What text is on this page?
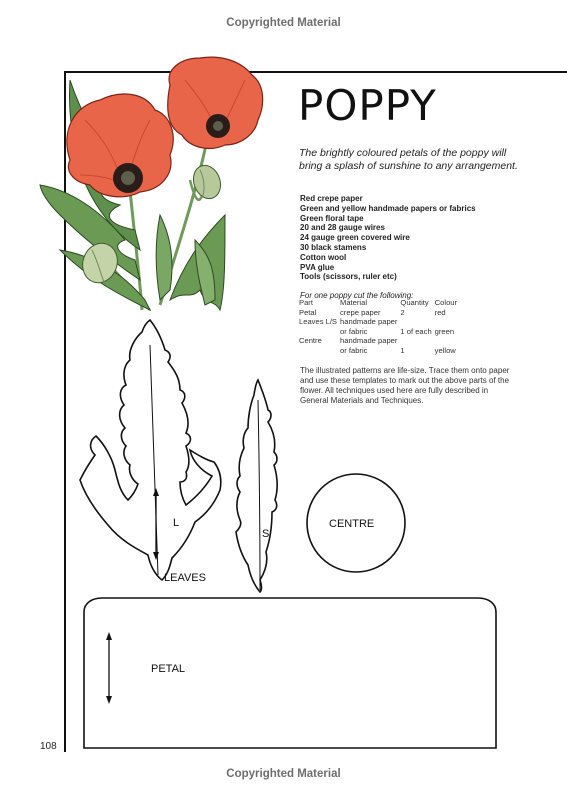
Copyrighted Material
POPPY
The brightly coloured petals of the poppy will bring a splash of sunshine to any arrangement.
Red crepe paper
Green and yellow handmade papers or fabrics
Green floral tape
20 and 28 gauge wires
24 gauge green covered wire
30 black stamens
Cotton wool
PVA glue
Tools (scissors, ruler etc)
For one poppy cut the following:
Part	Material	Quantity	Colour
Petal	crepe paper	2	red
Leaves L/S	handmade paper		
	or fabric	1 of each	green
Centre	handmade paper		
	or fabric	1	yellow
The illustrated patterns are life-size. Trace them onto paper and use these templates to mark out the above parts of the flower. All techniques used here are fully described in General Materials and Techniques.
L
LEAVES
S
CENTRE
PETAL
108
Copyrighted Material
